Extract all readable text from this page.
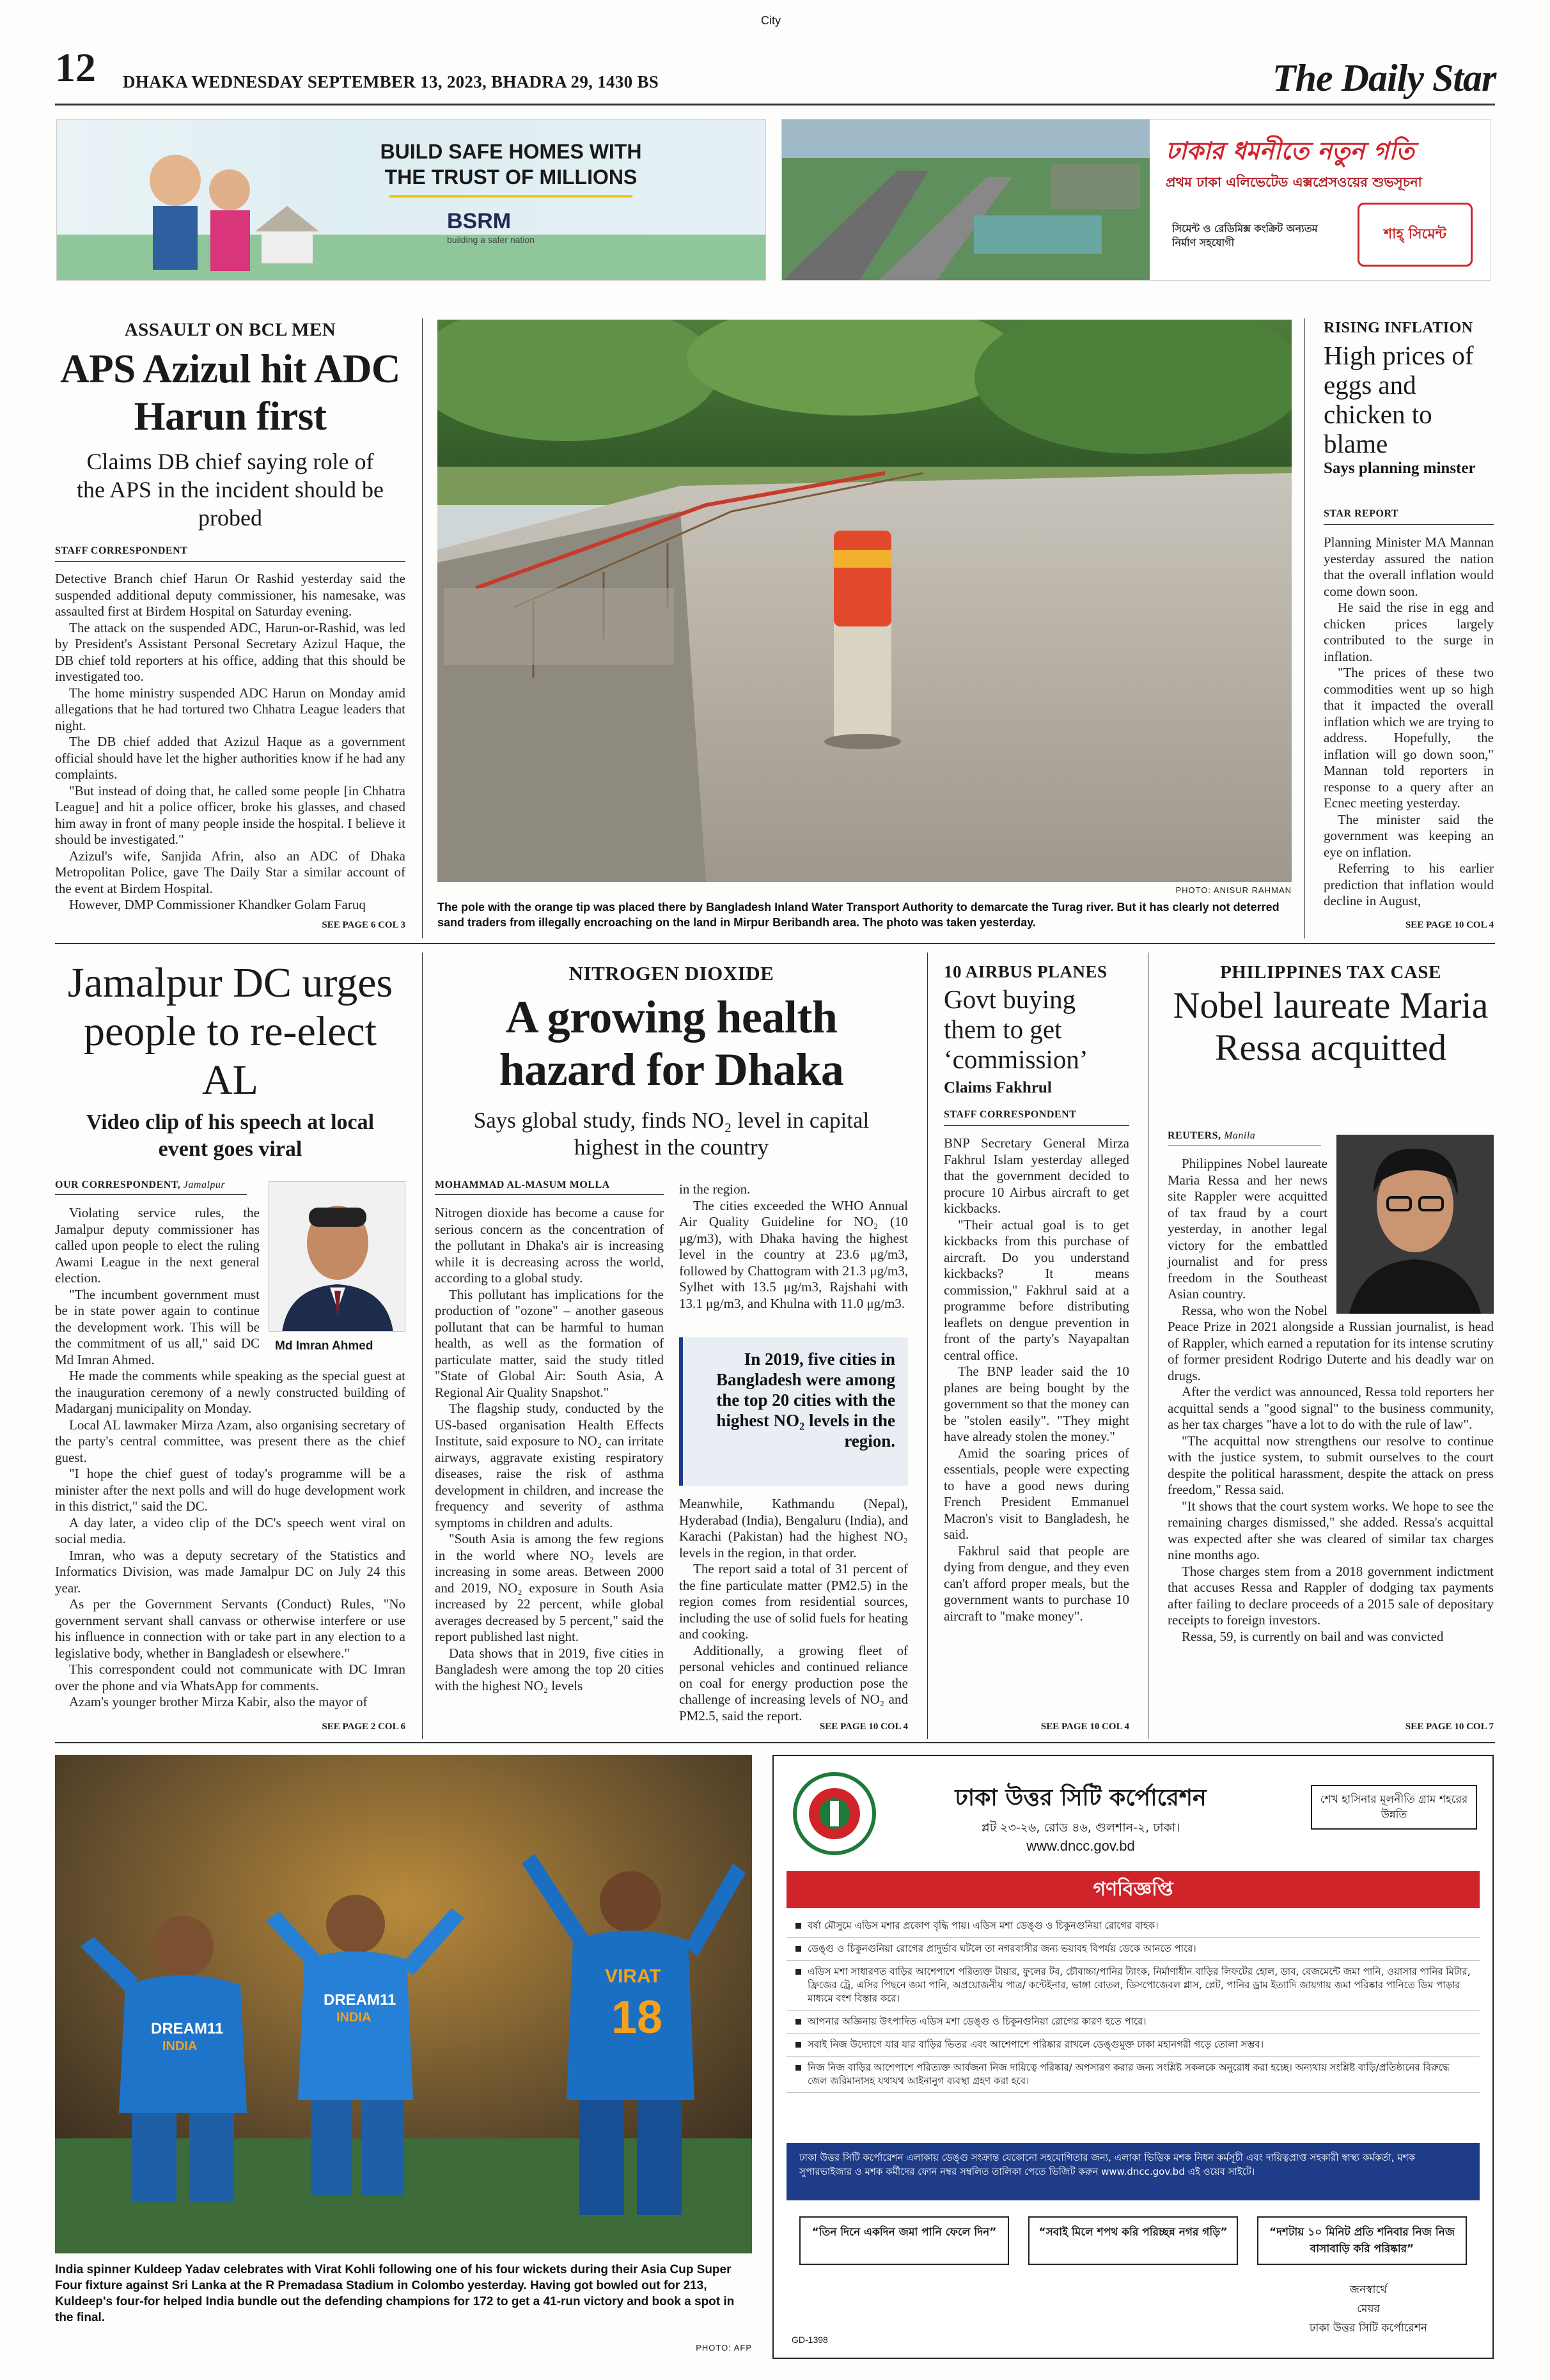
City
12 DHAKA WEDNESDAY SEPTEMBER 13, 2023, BHADRA 29, 1430 BS	The Daily Star
BUILD SAFE HOMES WITH THE TRUST OF MILLIONS
BSRM
building a safer nation
ঢাকার ধমনীতে নতুন গতি
প্রথম ঢাকা এলিভেটেড এক্সপ্রেসওয়ের শুভসূচনা
সিমেন্ট ও রেডিমিক্স কংক্রিট অন্যতম নির্মাণ সহযোগী
শাহ্ সিমেন্ট
ASSAULT ON BCL MEN
APS Azizul hit ADC Harun first
Claims DB chief saying role of the APS in the incident should be probed
STAFF CORRESPONDENT

Detective Branch chief Harun Or Rashid yesterday said the suspended additional deputy commissioner, his namesake, was assaulted first at Birdem Hospital on Saturday evening.

The attack on the suspended ADC, Harun-or-Rashid, was led by President's Assistant Personal Secretary Azizul Haque, the DB chief told reporters at his office, adding that this should be investigated too.

The home ministry suspended ADC Harun on Monday amid allegations that he had tortured two Chhatra League leaders that night.

The DB chief added that Azizul Haque as a government official should have let the higher authorities know if he had any complaints.

"But instead of doing that, he called some people [in Chhatra League] and hit a police officer, broke his glasses, and chased him away in front of many people inside the hospital. I believe it should be investigated."

Azizul's wife, Sanjida Afrin, also an ADC of Dhaka Metropolitan Police, gave The Daily Star a similar account of the event at Birdem Hospital.

However, DMP Commissioner Khandker Golam Faruq

SEE PAGE 6 COL 3
PHOTO: ANISUR RAHMAN
The pole with the orange tip was placed there by Bangladesh Inland Water Transport Authority to demarcate the Turag river. But it has clearly not deterred sand traders from illegally encroaching on the land in Mirpur Beribandh area. The photo was taken yesterday.
RISING INFLATION
High prices of eggs and chicken to blame
Says planning minster
STAR REPORT

Planning Minister MA Mannan yesterday assured the nation that the overall inflation would come down soon.

He said the rise in egg and chicken prices largely contributed to the surge in inflation.

"The prices of these two commodities went up so high that it impacted the overall inflation which we are trying to address. Hopefully, the inflation will go down soon," Mannan told reporters in response to a query after an Ecnec meeting yesterday.

The minister said the government was keeping an eye on inflation.

Referring to his earlier prediction that inflation would decline in August,

SEE PAGE 10 COL 4
Jamalpur DC urges people to re-elect AL
Video clip of his speech at local event goes viral
OUR CORRESPONDENT, Jamalpur
Md Imran Ahmed

Violating service rules, the Jamalpur deputy commissioner has called upon people to elect the ruling Awami League in the next general election.

"The incumbent government must be in state power again to continue the development work. This will be the commitment of us all," said DC Md Imran Ahmed.

He made the comments while speaking as the special guest at the inauguration ceremony of a newly constructed building of Madarganj municipality on Monday.

Local AL lawmaker Mirza Azam, also organising secretary of the party's central committee, was present there as the chief guest.

"I hope the chief guest of today's programme will be a minister after the next polls and will do huge development work in this district," said the DC.

A day later, a video clip of the DC's speech went viral on social media.

Imran, who was a deputy secretary of the Statistics and Informatics Division, was made Jamalpur DC on July 24 this year.

As per the Government Servants (Conduct) Rules, "No government servant shall canvass or otherwise interfere or use his influence in connection with or take part in any election to a legislative body, whether in Bangladesh or elsewhere."

This correspondent could not communicate with DC Imran over the phone and via WhatsApp for comments.

Azam's younger brother Mirza Kabir, also the mayor of

SEE PAGE 2 COL 6
NITROGEN DIOXIDE
A growing health hazard for Dhaka
Says global study, finds NO₂ level in capital highest in the country
MOHAMMAD AL-MASUM MOLLA

Nitrogen dioxide has become a cause for serious concern as the concentration of the pollutant in Dhaka's air is increasing while it is decreasing across the world, according to a global study.

This pollutant has implications for the production of "ozone" – another gaseous pollutant that can be harmful to human health, as well as the formation of particulate matter, said the study titled "State of Global Air: South Asia, A Regional Air Quality Snapshot."

The flagship study, conducted by the US-based organisation Health Effects Institute, said exposure to NO₂ can irritate airways, aggravate existing respiratory diseases, raise the risk of asthma development in children, and increase the frequency and severity of asthma symptoms in children and adults.

"South Asia is among the few regions in the world where NO₂ levels are increasing in some areas. Between 2000 and 2019, NO₂ exposure in South Asia increased by 22 percent, while global averages decreased by 5 percent," said the report published last night.

Data shows that in 2019, five cities in Bangladesh were among the top 20 cities with the highest NO₂ levels

in the region.

The cities exceeded the WHO Annual Air Quality Guideline for NO₂ (10 μg/m3), with Dhaka having the highest level in the country at 23.6 μg/m3, followed by Chattogram with 21.3 μg/m3, Sylhet with 13.5 μg/m3, Rajshahi with 13.1 μg/m3, and Khulna with 11.0 μg/m3.

In 2019, five cities in Bangladesh were among the top 20 cities with the highest NO₂ levels in the region.

Meanwhile, Kathmandu (Nepal), Hyderabad (India), Bengaluru (India), and Karachi (Pakistan) had the highest NO₂ levels in the region, in that order.

The report said a total of 31 percent of the fine particulate matter (PM2.5) in the region comes from residential sources, including the use of solid fuels for heating and cooking.

Additionally, a growing fleet of personal vehicles and continued reliance on coal for energy production pose the challenge of increasing levels of NO₂ and PM2.5, said the report.

SEE PAGE 10 COL 4
10 AIRBUS PLANES
Govt buying them to get ‘commission’
Claims Fakhrul
STAFF CORRESPONDENT

BNP Secretary General Mirza Fakhrul Islam yesterday alleged that the government decided to procure 10 Airbus aircraft to get kickbacks.

"Their actual goal is to get kickbacks from this purchase of aircraft. Do you understand kickbacks? It means commission," Fakhrul said at a programme before distributing leaflets on dengue prevention in front of the party's Nayapaltan central office.

The BNP leader said the 10 planes are being bought by the government so that the money can be "stolen easily". "They might have already stolen the money."

Amid the soaring prices of essentials, people were expecting to have a good news during French President Emmanuel Macron's visit to Bangladesh, he said.

Fakhrul said that people are dying from dengue, and they even can't afford proper meals, but the government wants to purchase 10 aircraft to "make money".

SEE PAGE 10 COL 4
PHILIPPINES TAX CASE
Nobel laureate Maria Ressa acquitted
REUTERS, Manila

Philippines Nobel laureate Maria Ressa and her news site Rappler were acquitted of tax fraud by a court yesterday, in another legal victory for the embattled journalist and for press freedom in the Southeast Asian country.

Ressa, who won the Nobel Peace Prize in 2021 alongside a Russian journalist, is head of Rappler, which earned a reputation for its intense scrutiny of former president Rodrigo Duterte and his deadly war on drugs.

After the verdict was announced, Ressa told reporters her acquittal sends a "good signal" to the business community, as her tax charges "have a lot to do with the rule of law".

"The acquittal now strengthens our resolve to continue with the justice system, to submit ourselves to the court despite the political harassment, despite the attack on press freedom," Ressa said.

"It shows that the court system works. We hope to see the remaining charges dismissed," she added. Ressa's acquittal was expected after she was cleared of similar tax charges nine months ago.

Those charges stem from a 2018 government indictment that accuses Ressa and Rappler of dodging tax payments after failing to declare proceeds of a 2015 sale of depositary receipts to foreign investors.

Ressa, 59, is currently on bail and was convicted

SEE PAGE 10 COL 7
DREAM11
INDIA
DREAM11
INDIA
VIRAT
18
India spinner Kuldeep Yadav celebrates with Virat Kohli following one of his four wickets during their Asia Cup Super Four fixture against Sri Lanka at the R Premadasa Stadium in Colombo yesterday. Having got bowled out for 213, Kuldeep's four-for helped India bundle out the defending champions for 172 to get a 41-run victory and book a spot in the final.
PHOTO: AFP
ঢাকা উত্তর সিটি কর্পোরেশন
প্লট ২৩-২৬, রোড ৪৬, গুলশান-২, ঢাকা।
www.dncc.gov.bd
শেখ হাসিনার মূলনীতি গ্রাম শহরের উন্নতি
গণবিজ্ঞপ্তি
বর্ষা মৌসুমে এডিস মশার প্রকোপ বৃদ্ধি পায়। এডিস মশা ডেঙ্গু ও চিকুনগুনিয়া রোগের বাহক।
ডেঙ্গু ও চিকুনগুনিয়া রোগের প্রাদুর্ভাব ঘটলে তা নগরবাসীর জন্য ভয়াবহ বিপর্যয় ডেকে আনতে পারে।
এডিস মশা সাধারণত বাড়ির আশেপাশে পরিত্যক্ত টায়ার, ফুলের টব, চৌবাচ্চা/পানির ট্যাংক, নির্মাণাধীন বাড়ির লিফটের হোল, ডাব, বেজমেন্টে জমা পানি, ওয়াসার পানির মিটার, ফ্রিজের ট্রে, এসির পিছনে জমা পানি, অপ্রয়োজনীয় পাত্র/ কন্টেইনার, ভাঙ্গা বোতল, ডিসপোজেবল গ্লাস, প্লেট, পানির ড্রাম ইত্যাদি জায়গায় জমা পরিষ্কার পানিতে ডিম পাড়ার মাধ্যমে বংশ বিস্তার করে।
আপনার অজ্ঞিনায় উৎপাদিত এডিস মশা ডেঙ্গু ও চিকুনগুনিয়া রোগের কারণ হতে পারে।
সবাই নিজ উদ্যোগে যার যার বাড়ির ভিতর এবং আশেপাশে পরিষ্কার রাখলে ডেঙ্গুমুক্ত ঢাকা মহানগরী গড়ে তোলা সম্ভব।
নিজ নিজ বাড়ির আশেপাশে পরিত্যক্ত আর্বজনা নিজ দায়িত্বে পরিষ্কার/ অপসারণ করার জন্য সংশ্লিষ্ট সকলকে অনুরোধ করা হচ্ছে। অন্যথায় সংশ্লিষ্ট বাড়ি/প্রতিষ্ঠানের বিরুদ্ধে জেল জরিমানাসহ যথাযথ আইনানুগ ব্যবস্থা গ্রহণ করা হবে।
ঢাকা উত্তর সিটি কর্পোরেশন এলাকায় ডেঙ্গু সংক্রান্ত যেকোনো সহযোগিতার জন্য, এলাকা ভিত্তিক মশক নিধন কর্মসূচী এবং দায়িত্বপ্রাপ্ত সহকারী স্বাস্থ্য কর্মকর্তা, মশক সুপারভাইজার ও মশক কর্মীদের ফোন নম্বর সম্বলিত তালিকা পেতে ভিজিট করুন www.dncc.gov.bd এই ওয়েব সাইটে।
“তিন দিনে একদিন জমা পানি ফেলে দিন”	“সবাই মিলে শপথ করি পরিচ্ছন্ন নগর গড়ি”	“দশটায় ১০ মিনিট প্রতি শনিবার নিজ নিজ বাসাবাড়ি করি পরিষ্কার”
জনস্বার্থে
মেয়র
ঢাকা উত্তর সিটি কর্পোরেশন
GD-1398
